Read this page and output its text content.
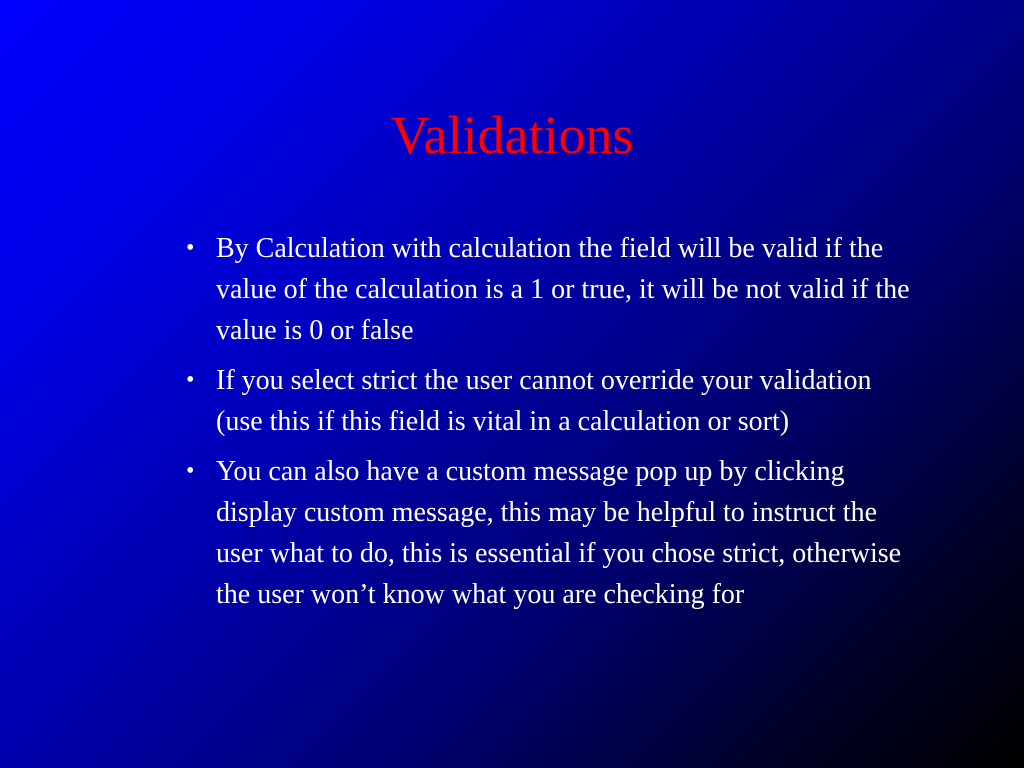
Validations
• By Calculation with calculation the field will be valid if the value of the calculation is a 1 or true, it will be not valid if the value is 0 or false
• If you select strict the user cannot override your validation (use this if this field is vital in a calculation or sort)
• You can also have a custom message pop up by clicking display custom message, this may be helpful to instruct the user what to do, this is essential if you chose strict, otherwise the user won’t know what you are checking for
